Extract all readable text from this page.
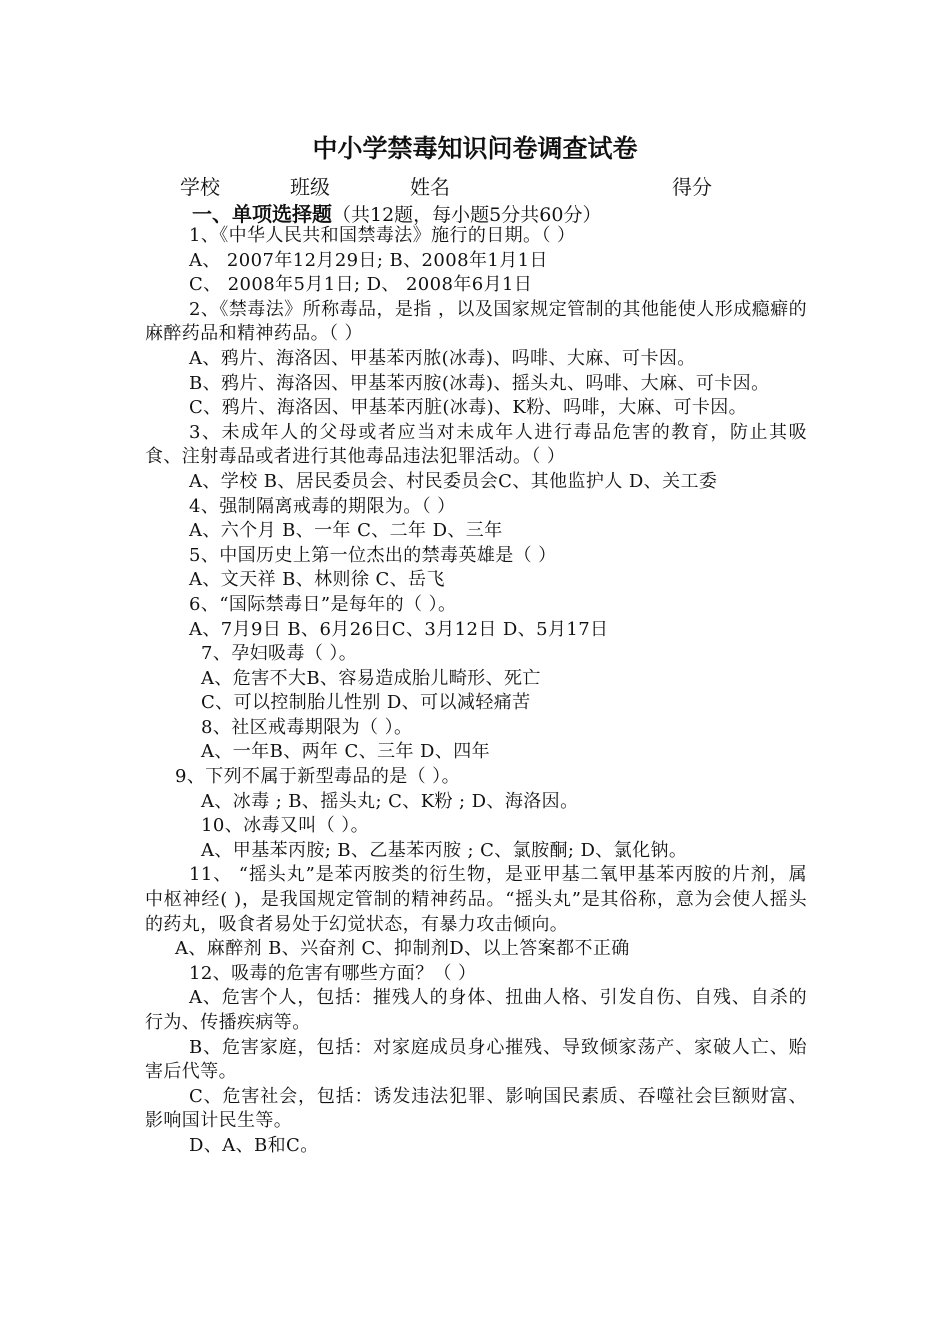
中小学禁毒知识问卷调查试卷
学校	班级	姓名	得分
一、单项选择题（共12题，每小题5分共60分）

1、《中华人民共和国禁毒法》施行的日期。（ ）

A、 2007年12月29日; B、2008年1月1日

C、 2008年5月1日; D、 2008年6月1日

2、《禁毒法》所称毒品，是指 ，以及国家规定管制的其他能使人形成瘾癖的麻醉药品和精神药品。（ ）

A、鸦片、海洛因、甲基苯丙脓(冰毒)、吗啡、大麻、可卡因。

B、鸦片、海洛因、甲基苯丙胺(冰毒)、摇头丸、吗啡、大麻、可卡因。

C、鸦片、海洛因、甲基苯丙脏(冰毒)、K粉、吗啡，大麻、可卡因。

3、未成年人的父母或者应当对未成年人进行毒品危害的教育，防止其吸食、注射毒品或者进行其他毒品违法犯罪活动。（ ）

A、学校 B、居民委员会、村民委员会C、其他监护人 D、关工委

4、强制隔离戒毒的期限为。（ ）

A、六个月 B、一年 C、二年 D、三年

5、中国历史上第一位杰出的禁毒英雄是（ ）

A、文天祥 B、林则徐 C、岳飞

6、“国际禁毒日”是每年的（ ）。

A、7月9日 B、6月26日C、3月12日 D、5月17日

7、孕妇吸毒（ ）。

A、危害不大B、容易造成胎儿畸形、死亡

C、可以控制胎儿性别 D、可以减轻痛苦

8、社区戒毒期限为（ ）。

A、一年B、两年 C、三年 D、四年

9、下列不属于新型毒品的是（ ）。

A、冰毒 ; B、摇头丸; C、K粉 ; D、海洛因。

10、冰毒又叫（ ）。

A、甲基苯丙胺; B、乙基苯丙胺 ; C、氯胺酮; D、氯化钠。

11、 “摇头丸”是苯丙胺类的衍生物，是亚甲基二氧甲基苯丙胺的片剂，属中枢神经( )，是我国规定管制的精神药品。“摇头丸”是其俗称，意为会使人摇头的药丸，吸食者易处于幻觉状态，有暴力攻击倾向。

A、麻醉剂 B、兴奋剂 C、抑制剂D、以上答案都不正确

12、吸毒的危害有哪些方面？（ ）

A、危害个人，包括：摧残人的身体、扭曲人格、引发自伤、自残、自杀的行为、传播疾病等。

B、危害家庭，包括：对家庭成员身心摧残、导致倾家荡产、家破人亡、贻害后代等。

C、危害社会，包括：诱发违法犯罪、影响国民素质、吞噬社会巨额财富、影响国计民生等。

D、A、B和C。
